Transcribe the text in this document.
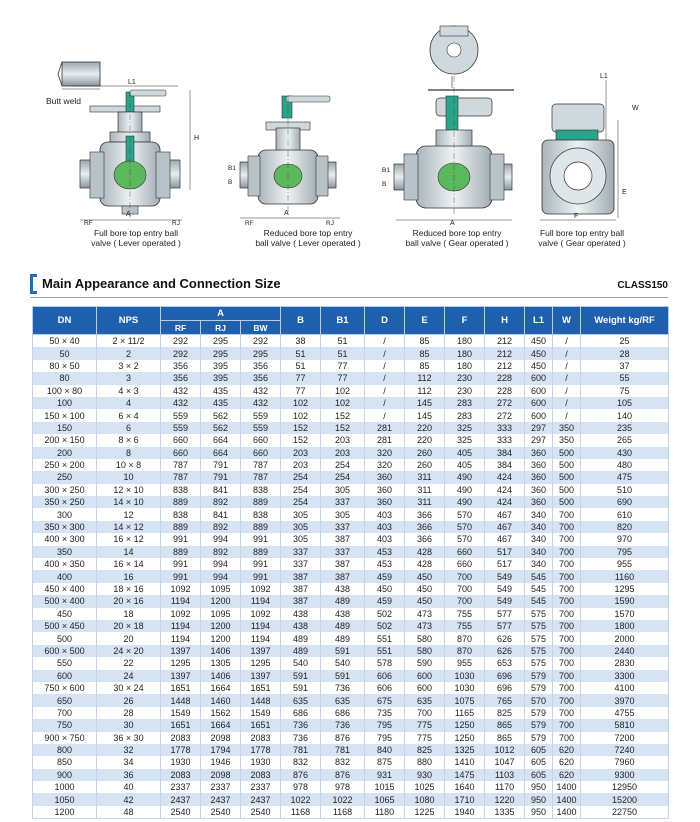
L1
H
RF
A
RJ
B1
B
RF
A
RJ
B1
B
A
L1
W
E
F
Butt weld
Full bore top entry ball
valve ( Lever operated )
Reduced bore top entry
ball valve ( Lever operated )
Reduced bore top entry
ball valve ( Gear operated )
Full bore top entry ball
valve ( Gear operated )
Main Appearance and Connection Size	CLASS150
DN	NPS	A			B	B1	D	E	F	H	L1	W	Weight kg/RF
		RF	RJ	BW									
50 × 40	2 × 11/2	292	295	292	38	51	/	85	180	212	450	/	25
50	2	292	295	295	51	51	/	85	180	212	450	/	28
80 × 50	3 × 2	356	395	356	51	77	/	85	180	212	450	/	37
80	3	356	395	356	77	77	/	112	230	228	600	/	55
100 × 80	4 × 3	432	435	432	77	102	/	112	230	228	600	/	75
100	4	432	435	432	102	102	/	145	283	272	600	/	105
150 × 100	6 × 4	559	562	559	102	152	/	145	283	272	600	/	140
150	6	559	562	559	152	152	281	220	325	333	297	350	235
200 × 150	8 × 6	660	664	660	152	203	281	220	325	333	297	350	265
200	8	660	664	660	203	203	320	260	405	384	360	500	430
250 × 200	10 × 8	787	791	787	203	254	320	260	405	384	360	500	480
250	10	787	791	787	254	254	360	311	490	424	360	500	475
300 × 250	12 × 10	838	841	838	254	305	360	311	490	424	360	500	510
350 × 250	14 × 10	889	892	889	254	337	360	311	490	424	360	500	690
300	12	838	841	838	305	305	403	366	570	467	340	700	610
350 × 300	14 × 12	889	892	889	305	337	403	366	570	467	340	700	820
400 × 300	16 × 12	991	994	991	305	387	403	366	570	467	340	700	970
350	14	889	892	889	337	337	453	428	660	517	340	700	795
400 × 350	16 × 14	991	994	991	337	387	453	428	660	517	340	700	955
400	16	991	994	991	387	387	459	450	700	549	545	700	1160
450 × 400	18 × 16	1092	1095	1092	387	438	450	450	700	549	545	700	1295
500 × 400	20 × 16	1194	1200	1194	387	489	459	450	700	549	545	700	1590
450	18	1092	1095	1092	438	438	502	473	755	577	575	700	1570
500 × 450	20 × 18	1194	1200	1194	438	489	502	473	755	577	575	700	1800
500	20	1194	1200	1194	489	489	551	580	870	626	575	700	2000
600 × 500	24 × 20	1397	1406	1397	489	591	551	580	870	626	575	700	2440
550	22	1295	1305	1295	540	540	578	590	955	653	575	700	2830
600	24	1397	1406	1397	591	591	606	600	1030	696	579	700	3300
750 × 600	30 × 24	1651	1664	1651	591	736	606	600	1030	696	579	700	4100
650	26	1448	1460	1448	635	635	675	635	1075	765	570	700	3970
700	28	1549	1562	1549	686	686	735	700	1165	825	579	700	4755
750	30	1651	1664	1651	736	736	795	775	1250	865	579	700	5810
900 × 750	36 × 30	2083	2098	2083	736	876	795	775	1250	865	579	700	7200
800	32	1778	1794	1778	781	781	840	825	1325	1012	605	620	7240
850	34	1930	1946	1930	832	832	875	880	1410	1047	605	620	7960
900	36	2083	2098	2083	876	876	931	930	1475	1103	605	620	9300
1000	40	2337	2337	2337	978	978	1015	1025	1640	1170	950	1400	12950
1050	42	2437	2437	2437	1022	1022	1065	1080	1710	1220	950	1400	15200
1200	48	2540	2540	2540	1168	1168	1180	1225	1940	1335	950	1400	22750
